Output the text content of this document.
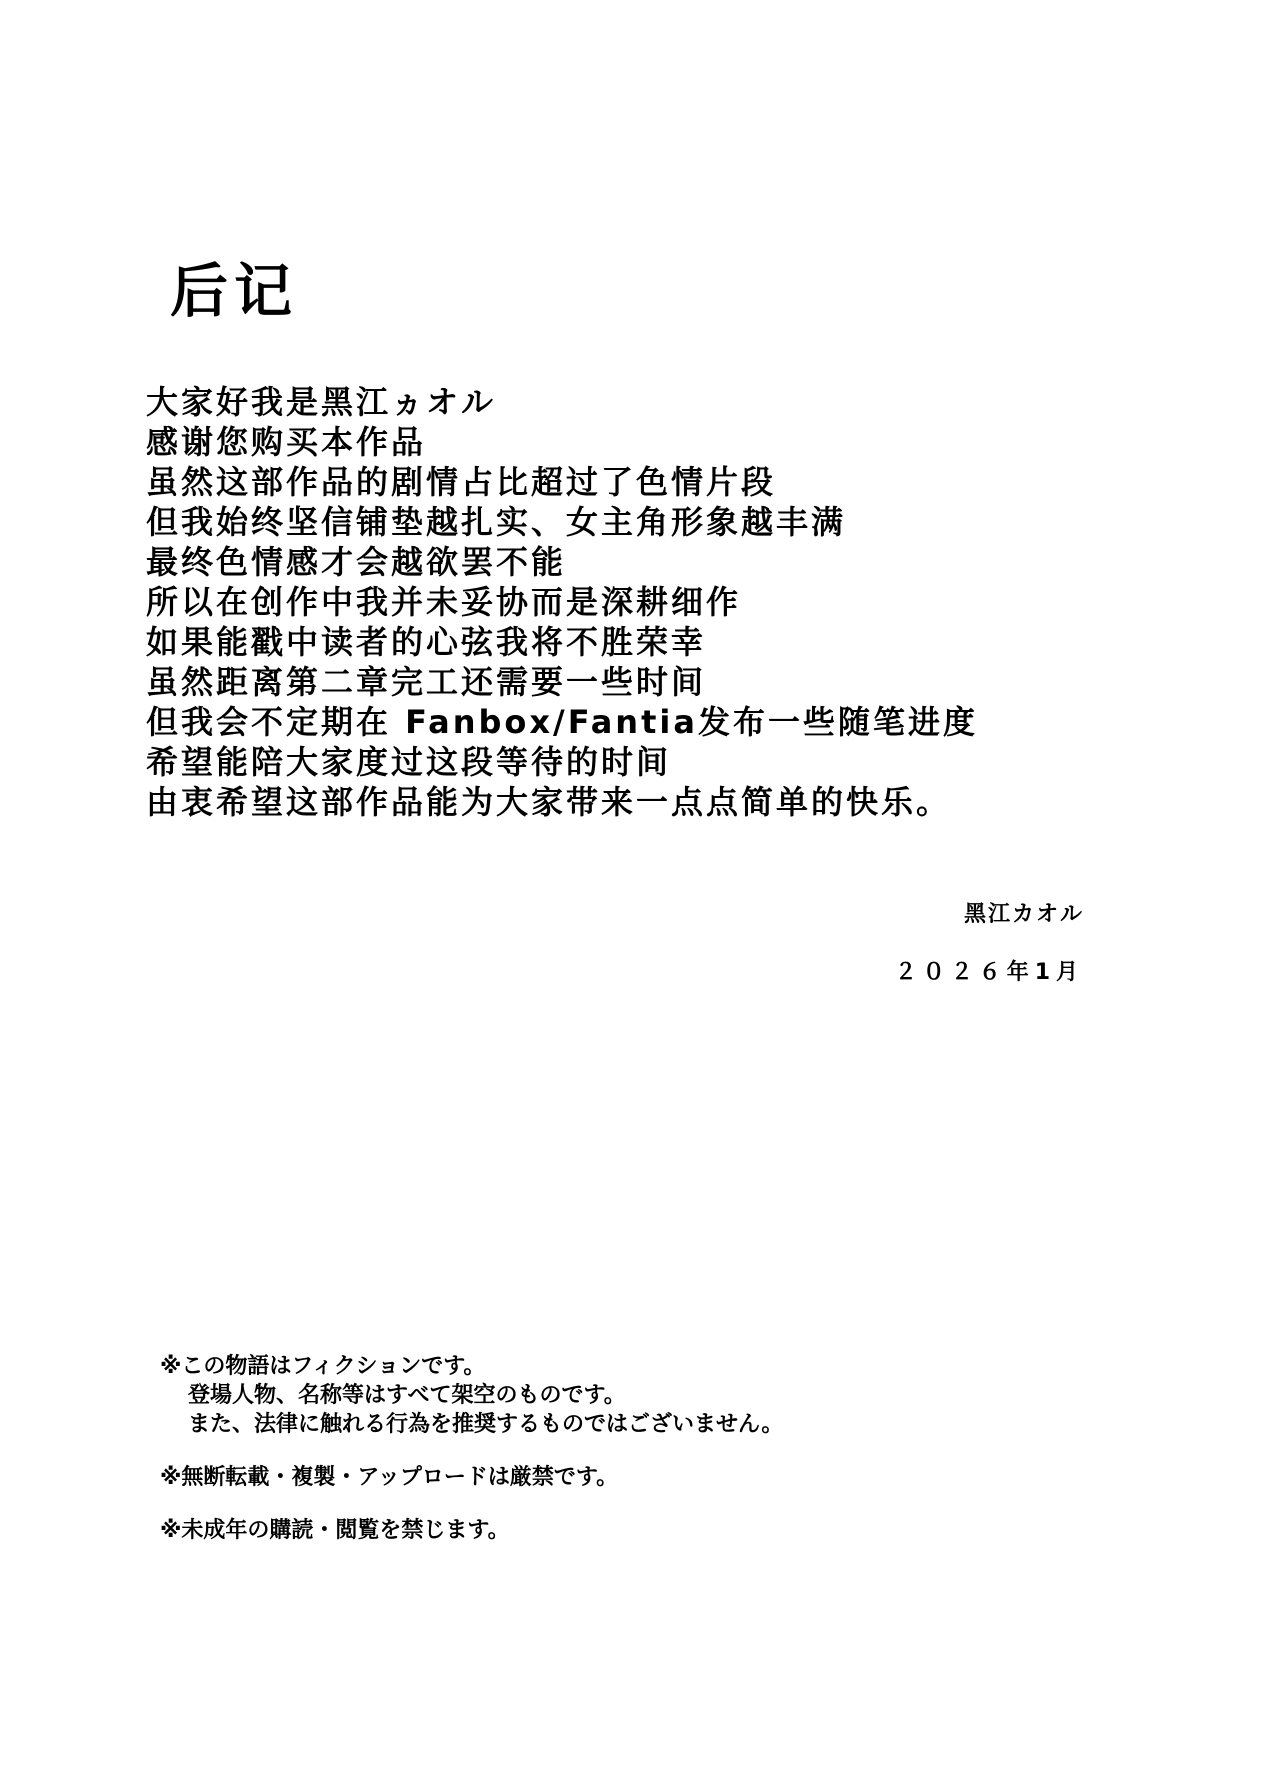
后记
大家好我是黑江ヵオル
感谢您购买本作品
虽然这部作品的剧情占比超过了色情片段
但我始终坚信铺垫越扎实、女主角形象越丰满
最终色情感才会越欲罢不能
所以在创作中我并未妥协而是深耕细作
如果能戳中读者的心弦我将不胜荣幸
虽然距离第二章完工还需要一些时间
但我会不定期在 Fanbox/Fantia发布一些随笔进度
希望能陪大家度过这段等待的时间
由衷希望这部作品能为大家带来一点点简单的快乐。
黑江カオル
２０２６年1月
※この物語はフィクションです。
登場人物、名称等はすべて架空のものです。
また、法律に触れる行為を推奨するものではございません。
※無断転載・複製・アップロードは厳禁です。
※未成年の購読・閲覧を禁じます。
